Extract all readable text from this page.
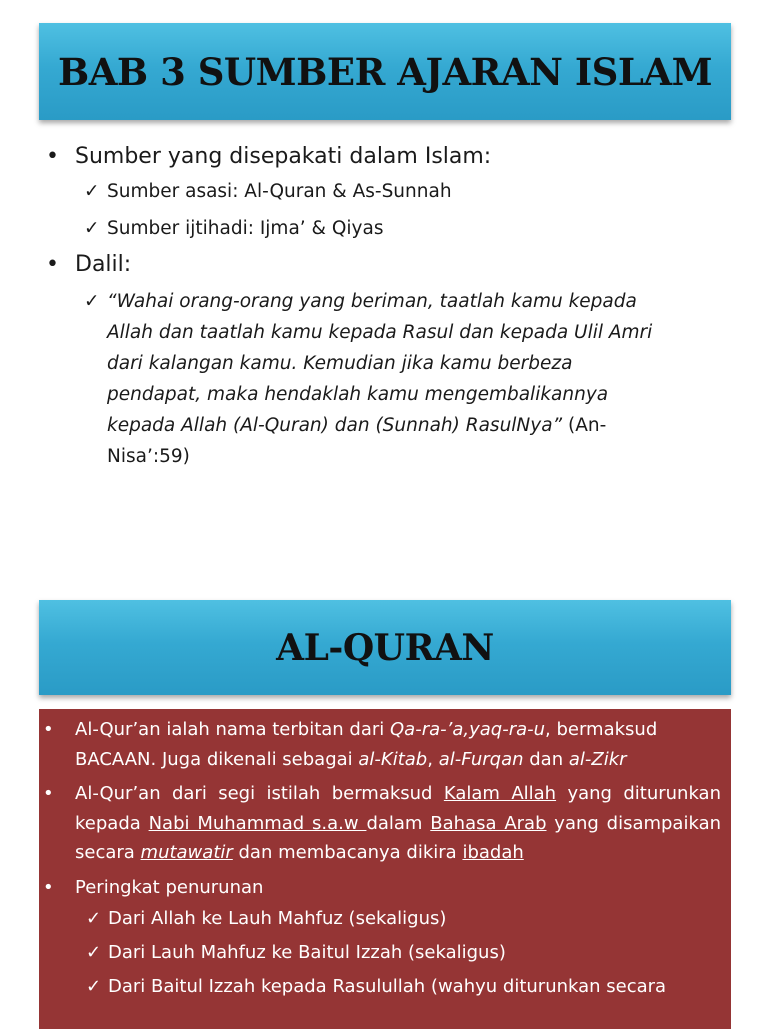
BAB 3 SUMBER AJARAN ISLAM
• Sumber yang disepakati dalam Islam:
✓ Sumber asasi: Al-Quran & As-Sunnah
✓ Sumber ijtihadi: Ijma’ & Qiyas
• Dalil:
✓ “Wahai orang-orang yang beriman, taatlah kamu kepada Allah dan taatlah kamu kepada Rasul dan kepada Ulil Amri dari kalangan kamu. Kemudian jika kamu berbeza pendapat, maka hendaklah kamu mengembalikannya kepada Allah (Al-Quran) dan (Sunnah) RasulNya” (An-Nisa’:59)
AL-QURAN
•	Al-Qur’an ialah nama terbitan dari Qa-ra-’a,yaq-ra-u, bermaksud BACAAN. Juga dikenali sebagai al-Kitab, al-Furqan dan al-Zikr
•	Al-Qur’an dari segi istilah bermaksud Kalam Allah yang diturunkan kepada Nabi Muhammad s.a.w dalam Bahasa Arab yang disampaikan secara mutawatir dan membacanya dikira ibadah
•	Peringkat penurunan
✓ Dari Allah ke Lauh Mahfuz (sekaligus)
✓ Dari Lauh Mahfuz ke Baitul Izzah (sekaligus)
✓ Dari Baitul Izzah kepada Rasulullah (wahyu diturunkan secara
